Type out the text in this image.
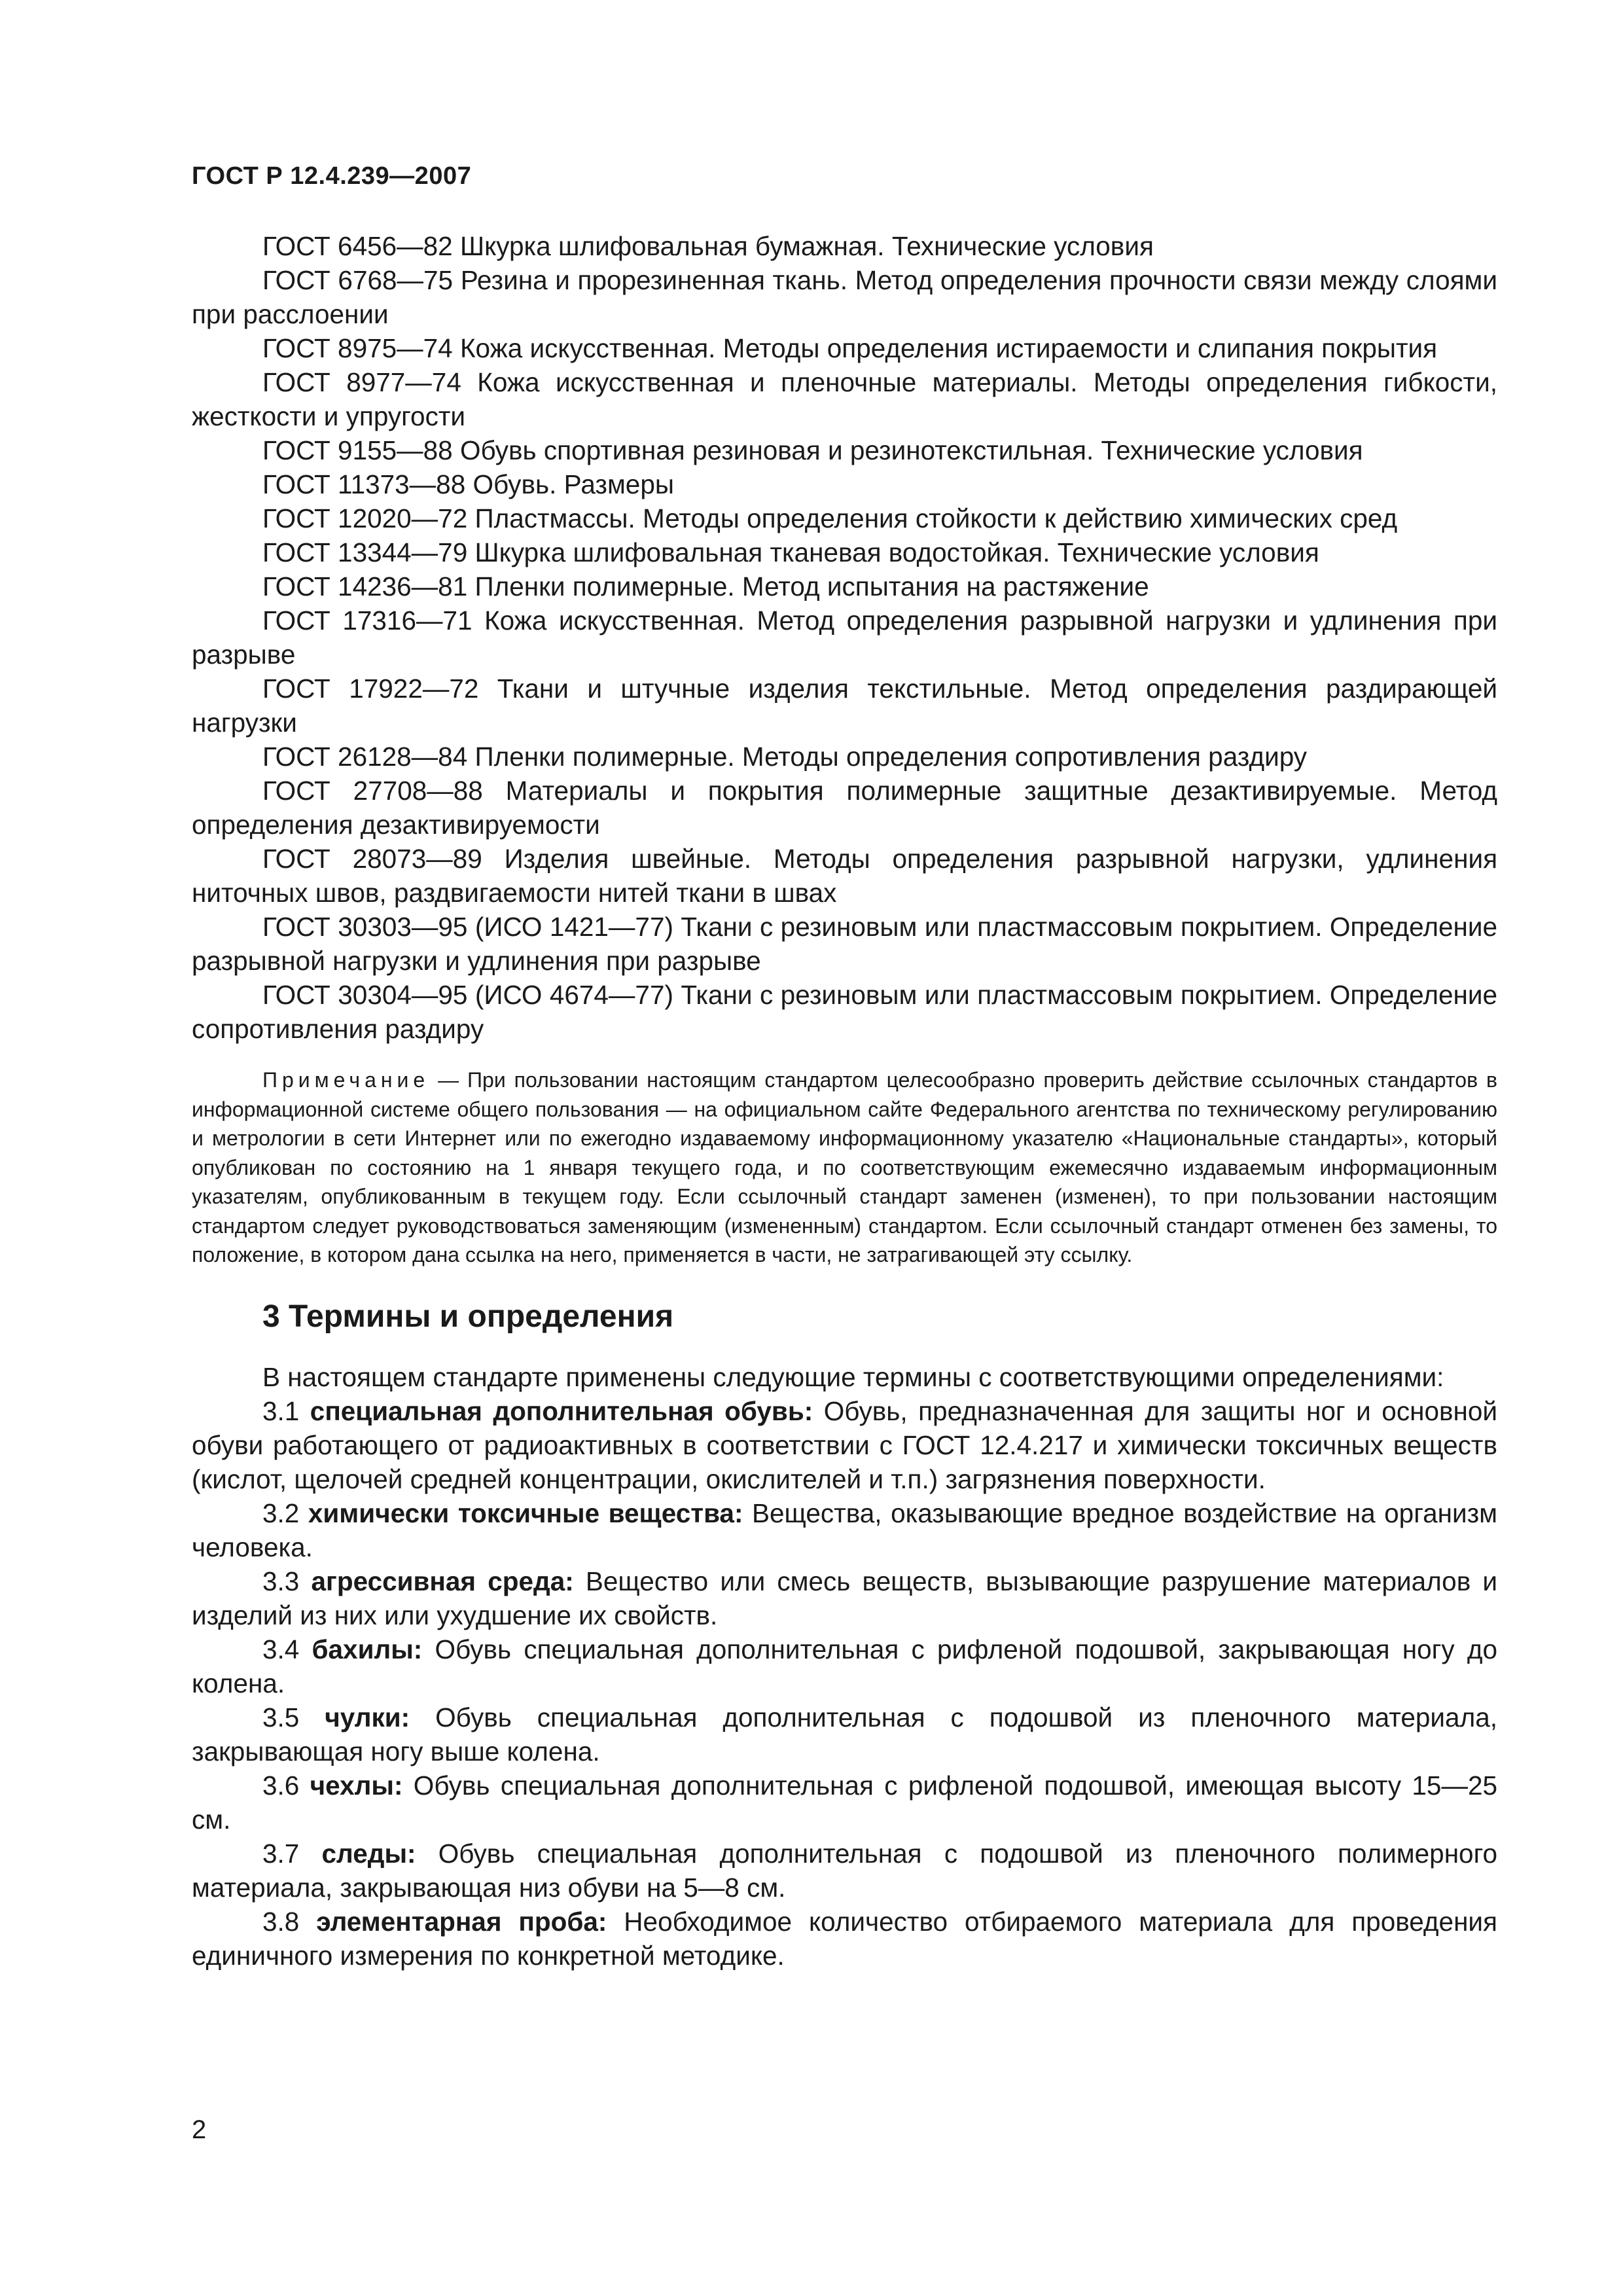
ГОСТ Р 12.4.239—2007

ГОСТ 6456—82 Шкурка шлифовальная бумажная. Технические условия

ГОСТ 6768—75 Резина и прорезиненная ткань. Метод определения прочности связи между слоями при расслоении

ГОСТ 8975—74 Кожа искусственная. Методы определения истираемости и слипания покрытия

ГОСТ 8977—74 Кожа искусственная и пленочные материалы. Методы определения гибкости, жесткости и упругости

ГОСТ 9155—88 Обувь спортивная резиновая и резинотекстильная. Технические условия

ГОСТ 11373—88 Обувь. Размеры

ГОСТ 12020—72 Пластмассы. Методы определения стойкости к действию химических сред

ГОСТ 13344—79 Шкурка шлифовальная тканевая водостойкая. Технические условия

ГОСТ 14236—81 Пленки полимерные. Метод испытания на растяжение

ГОСТ 17316—71 Кожа искусственная. Метод определения разрывной нагрузки и удлинения при разрыве

ГОСТ 17922—72 Ткани и штучные изделия текстильные. Метод определения раздирающей нагрузки

ГОСТ 26128—84 Пленки полимерные. Методы определения сопротивления раздиру

ГОСТ 27708—88 Материалы и покрытия полимерные защитные дезактивируемые. Метод определения дезактивируемости

ГОСТ 28073—89 Изделия швейные. Методы определения разрывной нагрузки, удлинения ниточных швов, раздвигаемости нитей ткани в швах

ГОСТ 30303—95 (ИСО 1421—77) Ткани с резиновым или пластмассовым покрытием. Определение разрывной нагрузки и удлинения при разрыве

ГОСТ 30304—95 (ИСО 4674—77) Ткани с резиновым или пластмассовым покрытием. Определение сопротивления раздиру

Примечание — При пользовании настоящим стандартом целесообразно проверить действие ссылочных стандартов в информационной системе общего пользования — на официальном сайте Федерального агентства по техническому регулированию и метрологии в сети Интернет или по ежегодно издаваемому информационному указателю «Национальные стандарты», который опубликован по состоянию на 1 января текущего года, и по соответствующим ежемесячно издаваемым информационным указателям, опубликованным в текущем году. Если ссылочный стандарт заменен (изменен), то при пользовании настоящим стандартом следует руководствоваться заменяющим (измененным) стандартом. Если ссылочный стандарт отменен без замены, то положение, в котором дана ссылка на него, применяется в части, не затрагивающей эту ссылку.

3 Термины и определения

В настоящем стандарте применены следующие термины с соответствующими определениями:

3.1 специальная дополнительная обувь: Обувь, предназначенная для защиты ног и основной обуви работающего от радиоактивных в соответствии с ГОСТ 12.4.217 и химически токсичных веществ (кислот, щелочей средней концентрации, окислителей и т.п.) загрязнения поверхности.

3.2 химически токсичные вещества: Вещества, оказывающие вредное воздействие на организм человека.

3.3 агрессивная среда: Вещество или смесь веществ, вызывающие разрушение материалов и изделий из них или ухудшение их свойств.

3.4 бахилы: Обувь специальная дополнительная с рифленой подошвой, закрывающая ногу до колена.

3.5 чулки: Обувь специальная дополнительная с подошвой из пленочного материала, закрывающая ногу выше колена.

3.6 чехлы: Обувь специальная дополнительная с рифленой подошвой, имеющая высоту 15—25 см.

3.7 следы: Обувь специальная дополнительная с подошвой из пленочного полимерного материала, закрывающая низ обуви на 5—8 см.

3.8 элементарная проба: Необходимое количество отбираемого материала для проведения единичного измерения по конкретной методике.

2
